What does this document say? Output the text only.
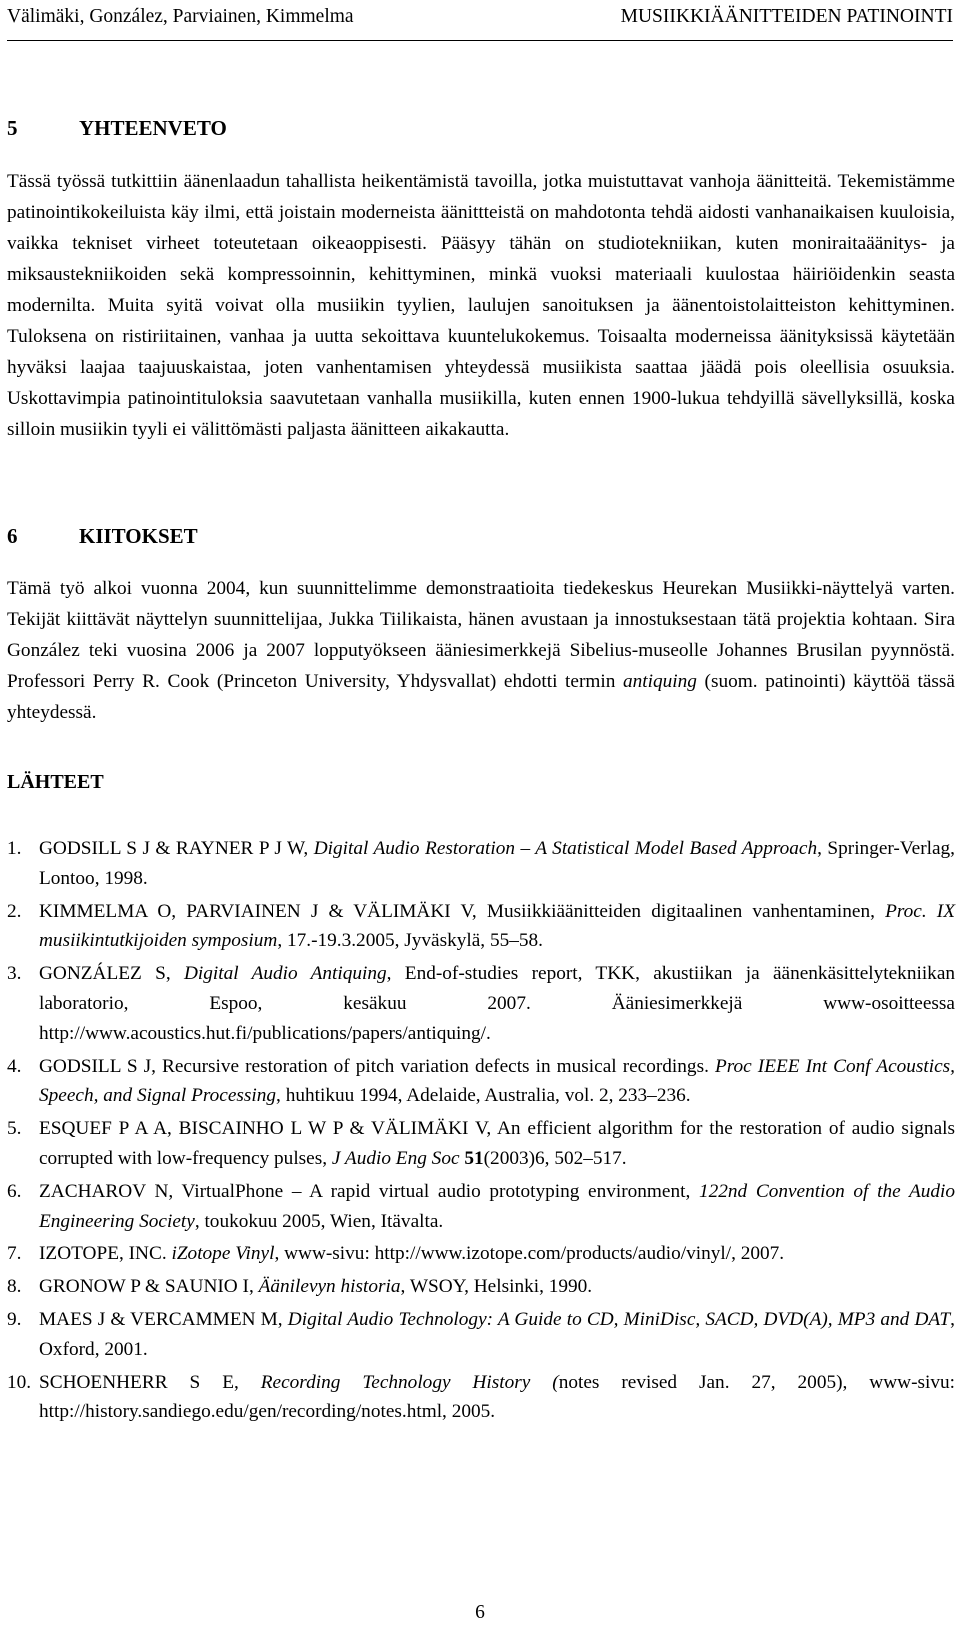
Välimäki, González, Parviainen, Kimmelma	MUSIIKKIÄÄNITTEIDEN PATINOINTI
5	YHTEENVETO
Tässä työssä tutkittiin äänenlaadun tahallista heikentämistä tavoilla, jotka muistuttavat vanhoja äänitteitä. Tekemistämme patinointikokeiluista käy ilmi, että joistain moderneista äänittteistä on mahdotonta tehdä aidosti vanhanaikaisen kuuloisia, vaikka tekniset virheet toteutetaan oikeaoppisesti. Pääsyy tähän on studiotekniikan, kuten moniraitaäänitys- ja miksaustekniikoiden sekä kompressoinnin, kehittyminen, minkä vuoksi materiaali kuulostaa häiriöidenkin seasta modernilta. Muita syitä voivat olla musiikin tyylien, laulujen sanoituksen ja äänentoistolaitteiston kehittyminen. Tuloksena on ristiriitainen, vanhaa ja uutta sekoittava kuuntelukokemus. Toisaalta moderneissa äänityksissä käytetään hyväksi laajaa taajuuskaistaa, joten vanhentamisen yhteydessä musiikista saattaa jäädä pois oleellisia osuuksia. Uskottavimpia patinointituloksia saavutetaan vanhalla musiikilla, kuten ennen 1900-lukua tehdyillä sävellyksillä, koska silloin musiikin tyyli ei välittömästi paljasta äänitteen aikakautta.
6	KIITOKSET
Tämä työ alkoi vuonna 2004, kun suunnittelimme demonstraatioita tiedekeskus Heurekan Musiikki-näyttelyä varten. Tekijät kiittävät näyttelyn suunnittelijaa, Jukka Tiilikaista, hänen avustaan ja innostuksestaan tätä projektia kohtaan. Sira González teki vuosina 2006 ja 2007 lopputyökseen ääniesimerkkejä Sibelius-museolle Johannes Brusilan pyynnöstä. Professori Perry R. Cook (Princeton University, Yhdysvallat) ehdotti termin antiquing (suom. patinointi) käyttöä tässä yhteydessä.
LÄHTEET
1. GODSILL S J & RAYNER P J W, Digital Audio Restoration – A Statistical Model Based Approach, Springer-Verlag, Lontoo, 1998.
2. KIMMELMA O, PARVIAINEN J & VÄLIMÄKI V, Musiikkiäänitteiden digitaalinen vanhentaminen, Proc. IX musiikintutkijoiden symposium, 17.-19.3.2005, Jyväskylä, 55–58.
3. GONZÁLEZ S, Digital Audio Antiquing, End-of-studies report, TKK, akustiikan ja äänenkäsittelytekniikan laboratorio, Espoo, kesäkuu 2007. Ääniesimerkkejä www-osoitteessa http://www.acoustics.hut.fi/publications/papers/antiquing/.
4. GODSILL S J, Recursive restoration of pitch variation defects in musical recordings. Proc IEEE Int Conf Acoustics, Speech, and Signal Processing, huhtikuu 1994, Adelaide, Australia, vol. 2, 233–236.
5. ESQUEF P A A, BISCAINHO L W P & VÄLIMÄKI V, An efficient algorithm for the restoration of audio signals corrupted with low-frequency pulses, J Audio Eng Soc 51(2003)6, 502–517.
6. ZACHAROV N, VirtualPhone – A rapid virtual audio prototyping environment, 122nd Convention of the Audio Engineering Society, toukokuu 2005, Wien, Itävalta.
7. IZOTOPE, INC. iZotope Vinyl, www-sivu: http://www.izotope.com/products/audio/vinyl/, 2007.
8. GRONOW P & SAUNIO I, Äänilevyn historia, WSOY, Helsinki, 1990.
9. MAES J & VERCAMMEN M, Digital Audio Technology: A Guide to CD, MiniDisc, SACD, DVD(A), MP3 and DAT, Oxford, 2001.
10. SCHOENHERR S E, Recording Technology History (notes revised Jan. 27, 2005), www-sivu: http://history.sandiego.edu/gen/recording/notes.html, 2005.
6
